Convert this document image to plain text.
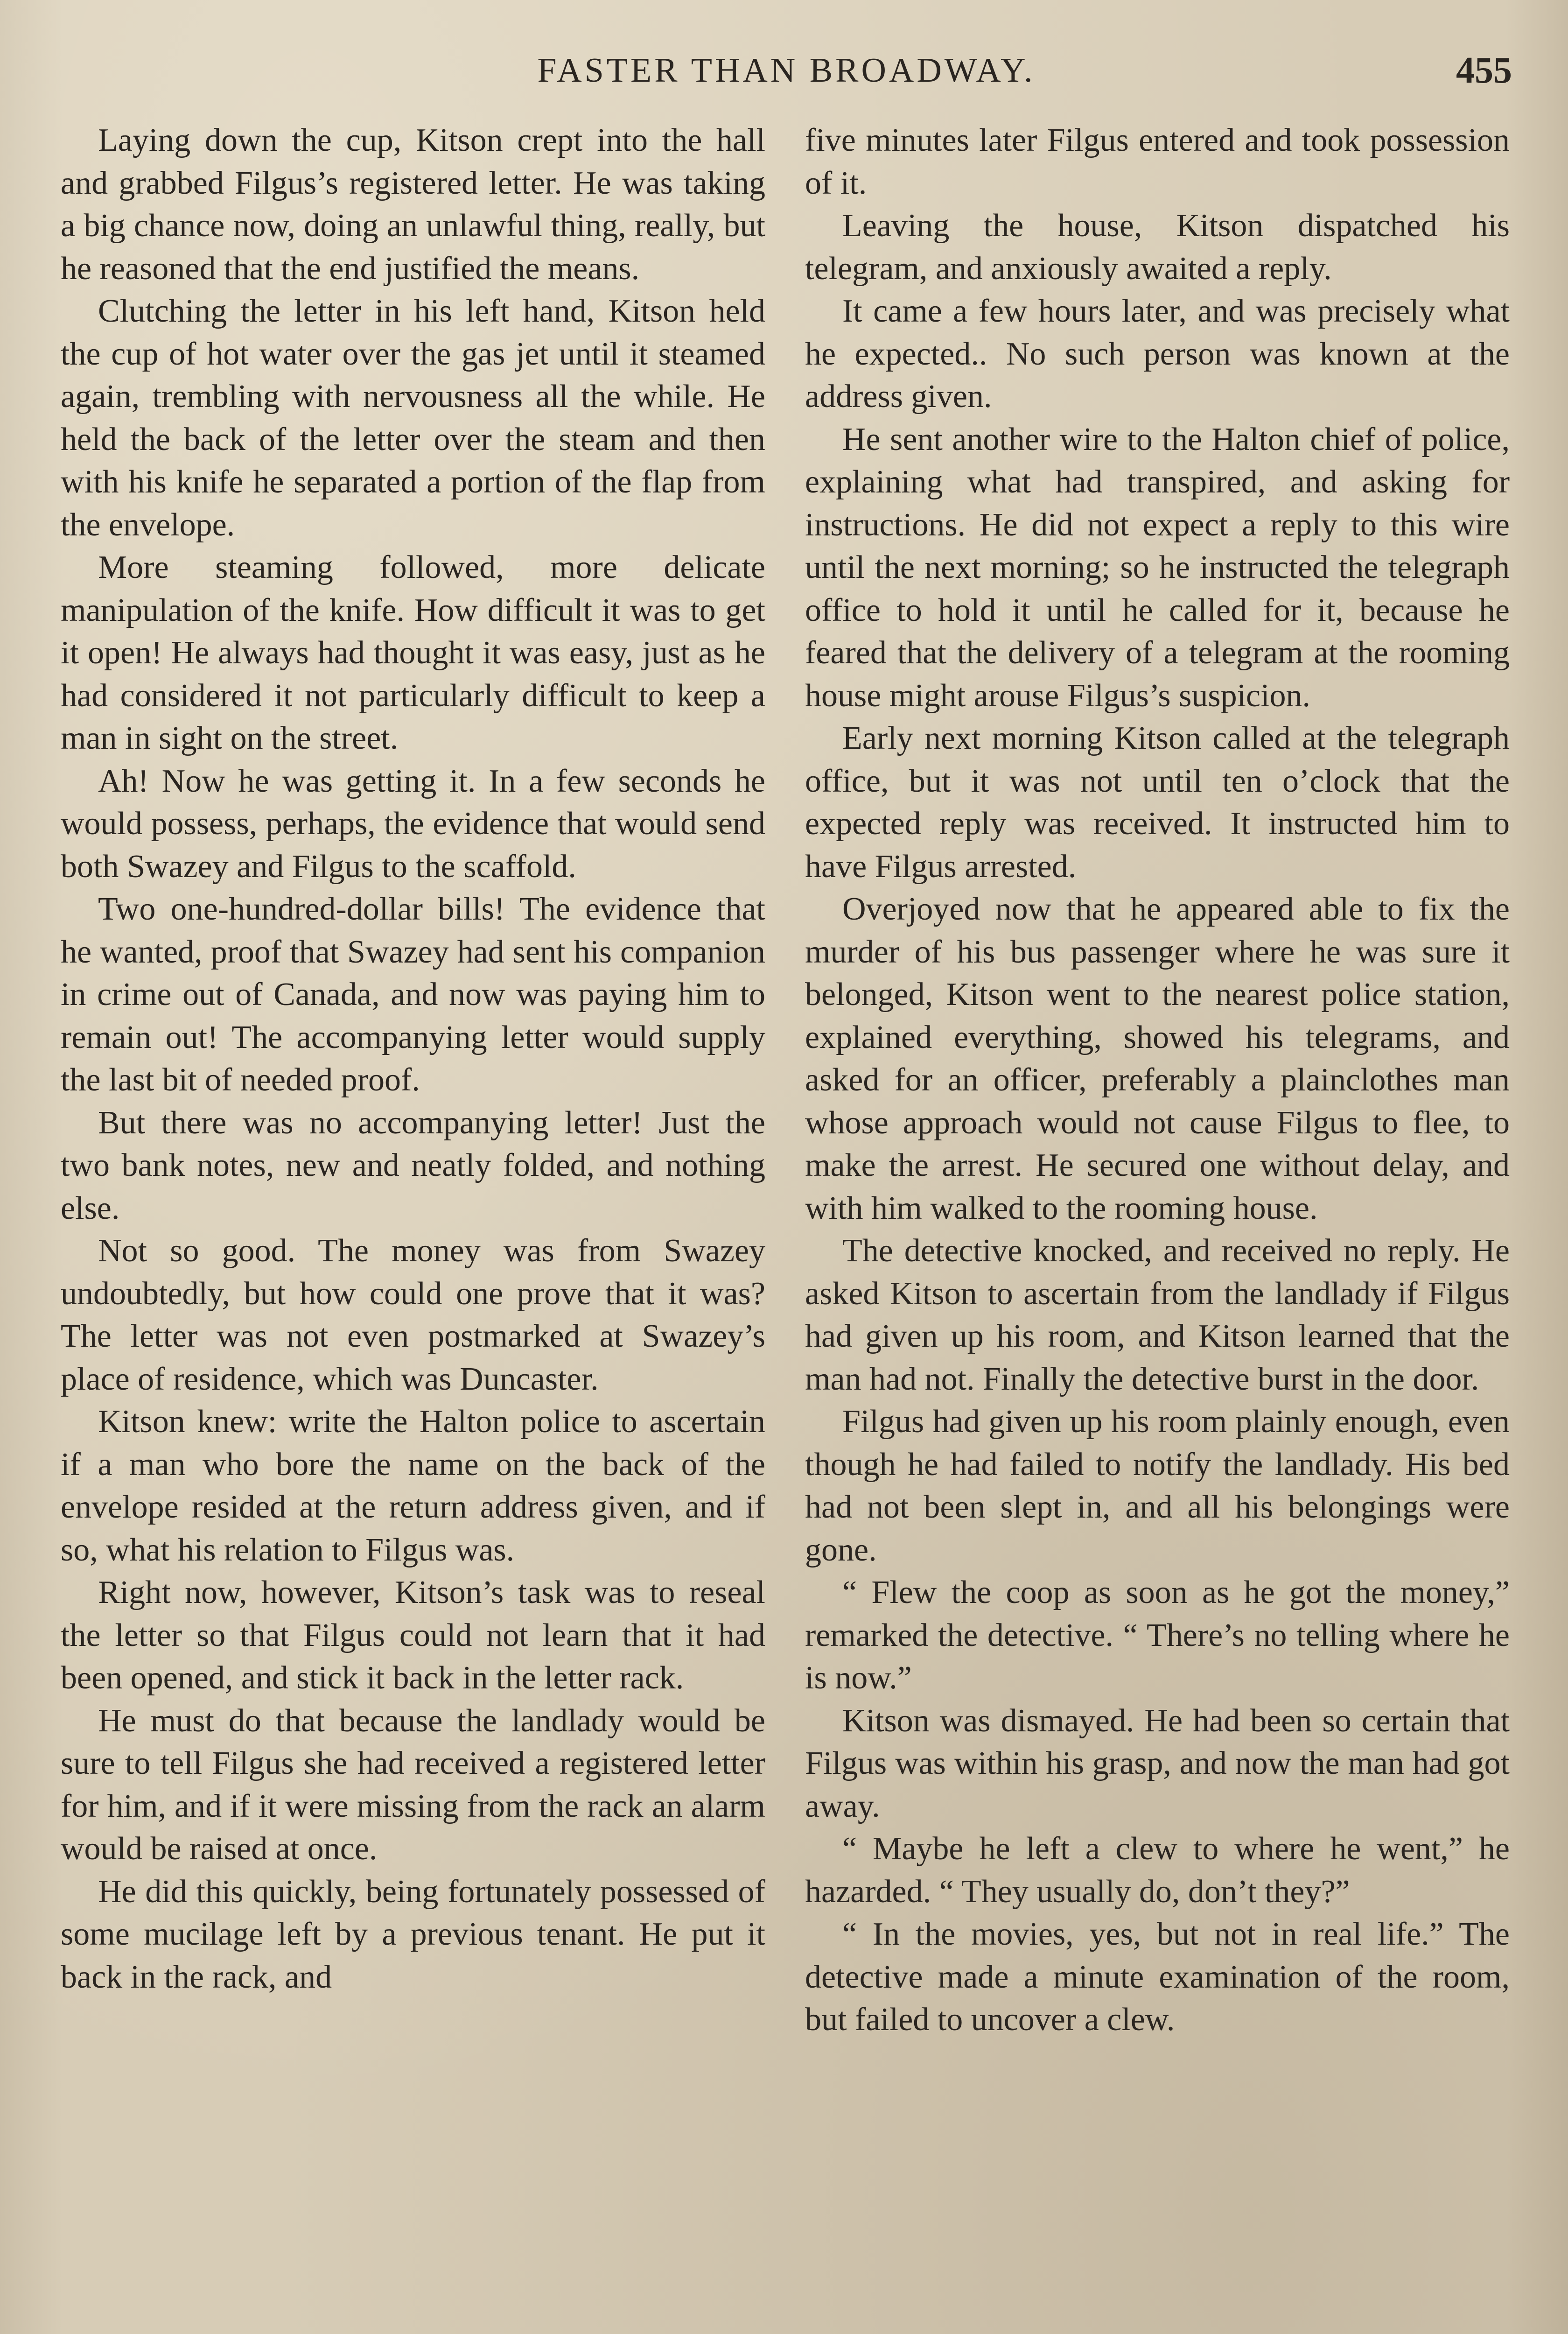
FASTER THAN BROADWAY.	455

Laying down the cup, Kitson crept into the hall and grabbed Filgus’s registered letter. He was taking a big chance now, doing an unlawful thing, really, but he reasoned that the end justified the means.

Clutching the letter in his left hand, Kitson held the cup of hot water over the gas jet until it steamed again, trembling with nervousness all the while. He held the back of the letter over the steam and then with his knife he separated a portion of the flap from the envelope.

More steaming followed, more delicate manipulation of the knife. How difficult it was to get it open! He always had thought it was easy, just as he had considered it not particularly difficult to keep a man in sight on the street.

Ah! Now he was getting it. In a few seconds he would possess, perhaps, the evidence that would send both Swazey and Filgus to the scaffold.

Two one-hundred-dollar bills! The evidence that he wanted, proof that Swazey had sent his companion in crime out of Canada, and now was paying him to remain out! The accompanying letter would supply the last bit of needed proof.

But there was no accompanying letter! Just the two bank notes, new and neatly folded, and nothing else.

Not so good. The money was from Swazey undoubtedly, but how could one prove that it was? The letter was not even postmarked at Swazey’s place of residence, which was Duncaster.

Kitson knew: write the Halton police to ascertain if a man who bore the name on the back of the envelope resided at the return address given, and if so, what his relation to Filgus was.

Right now, however, Kitson’s task was to reseal the letter so that Filgus could not learn that it had been opened, and stick it back in the letter rack.

He must do that because the landlady would be sure to tell Filgus she had received a registered letter for him, and if it were missing from the rack an alarm would be raised at once.

He did this quickly, being fortunately possessed of some mucilage left by a previous tenant. He put it back in the rack, and

five minutes later Filgus entered and took possession of it.

Leaving the house, Kitson dispatched his telegram, and anxiously awaited a reply.

It came a few hours later, and was precisely what he expected.. No such person was known at the address given.

He sent another wire to the Halton chief of police, explaining what had transpired, and asking for instructions. He did not expect a reply to this wire until the next morning; so he instructed the telegraph office to hold it until he called for it, because he feared that the delivery of a telegram at the rooming house might arouse Filgus’s suspicion.

Early next morning Kitson called at the telegraph office, but it was not until ten o’clock that the expected reply was received. It instructed him to have Filgus arrested.

Overjoyed now that he appeared able to fix the murder of his bus passenger where he was sure it belonged, Kitson went to the nearest police station, explained everything, showed his telegrams, and asked for an officer, preferably a plainclothes man whose approach would not cause Filgus to flee, to make the arrest. He secured one without delay, and with him walked to the rooming house.

The detective knocked, and received no reply. He asked Kitson to ascertain from the landlady if Filgus had given up his room, and Kitson learned that the man had not. Finally the detective burst in the door.

Filgus had given up his room plainly enough, even though he had failed to notify the landlady. His bed had not been slept in, and all his belongings were gone.

“ Flew the coop as soon as he got the money,” remarked the detective. “ There’s no telling where he is now.”

Kitson was dismayed. He had been so certain that Filgus was within his grasp, and now the man had got away.

“ Maybe he left a clew to where he went,” he hazarded. “ They usually do, don’t they?”

“ In the movies, yes, but not in real life.” The detective made a minute examination of the room, but failed to uncover a clew.
